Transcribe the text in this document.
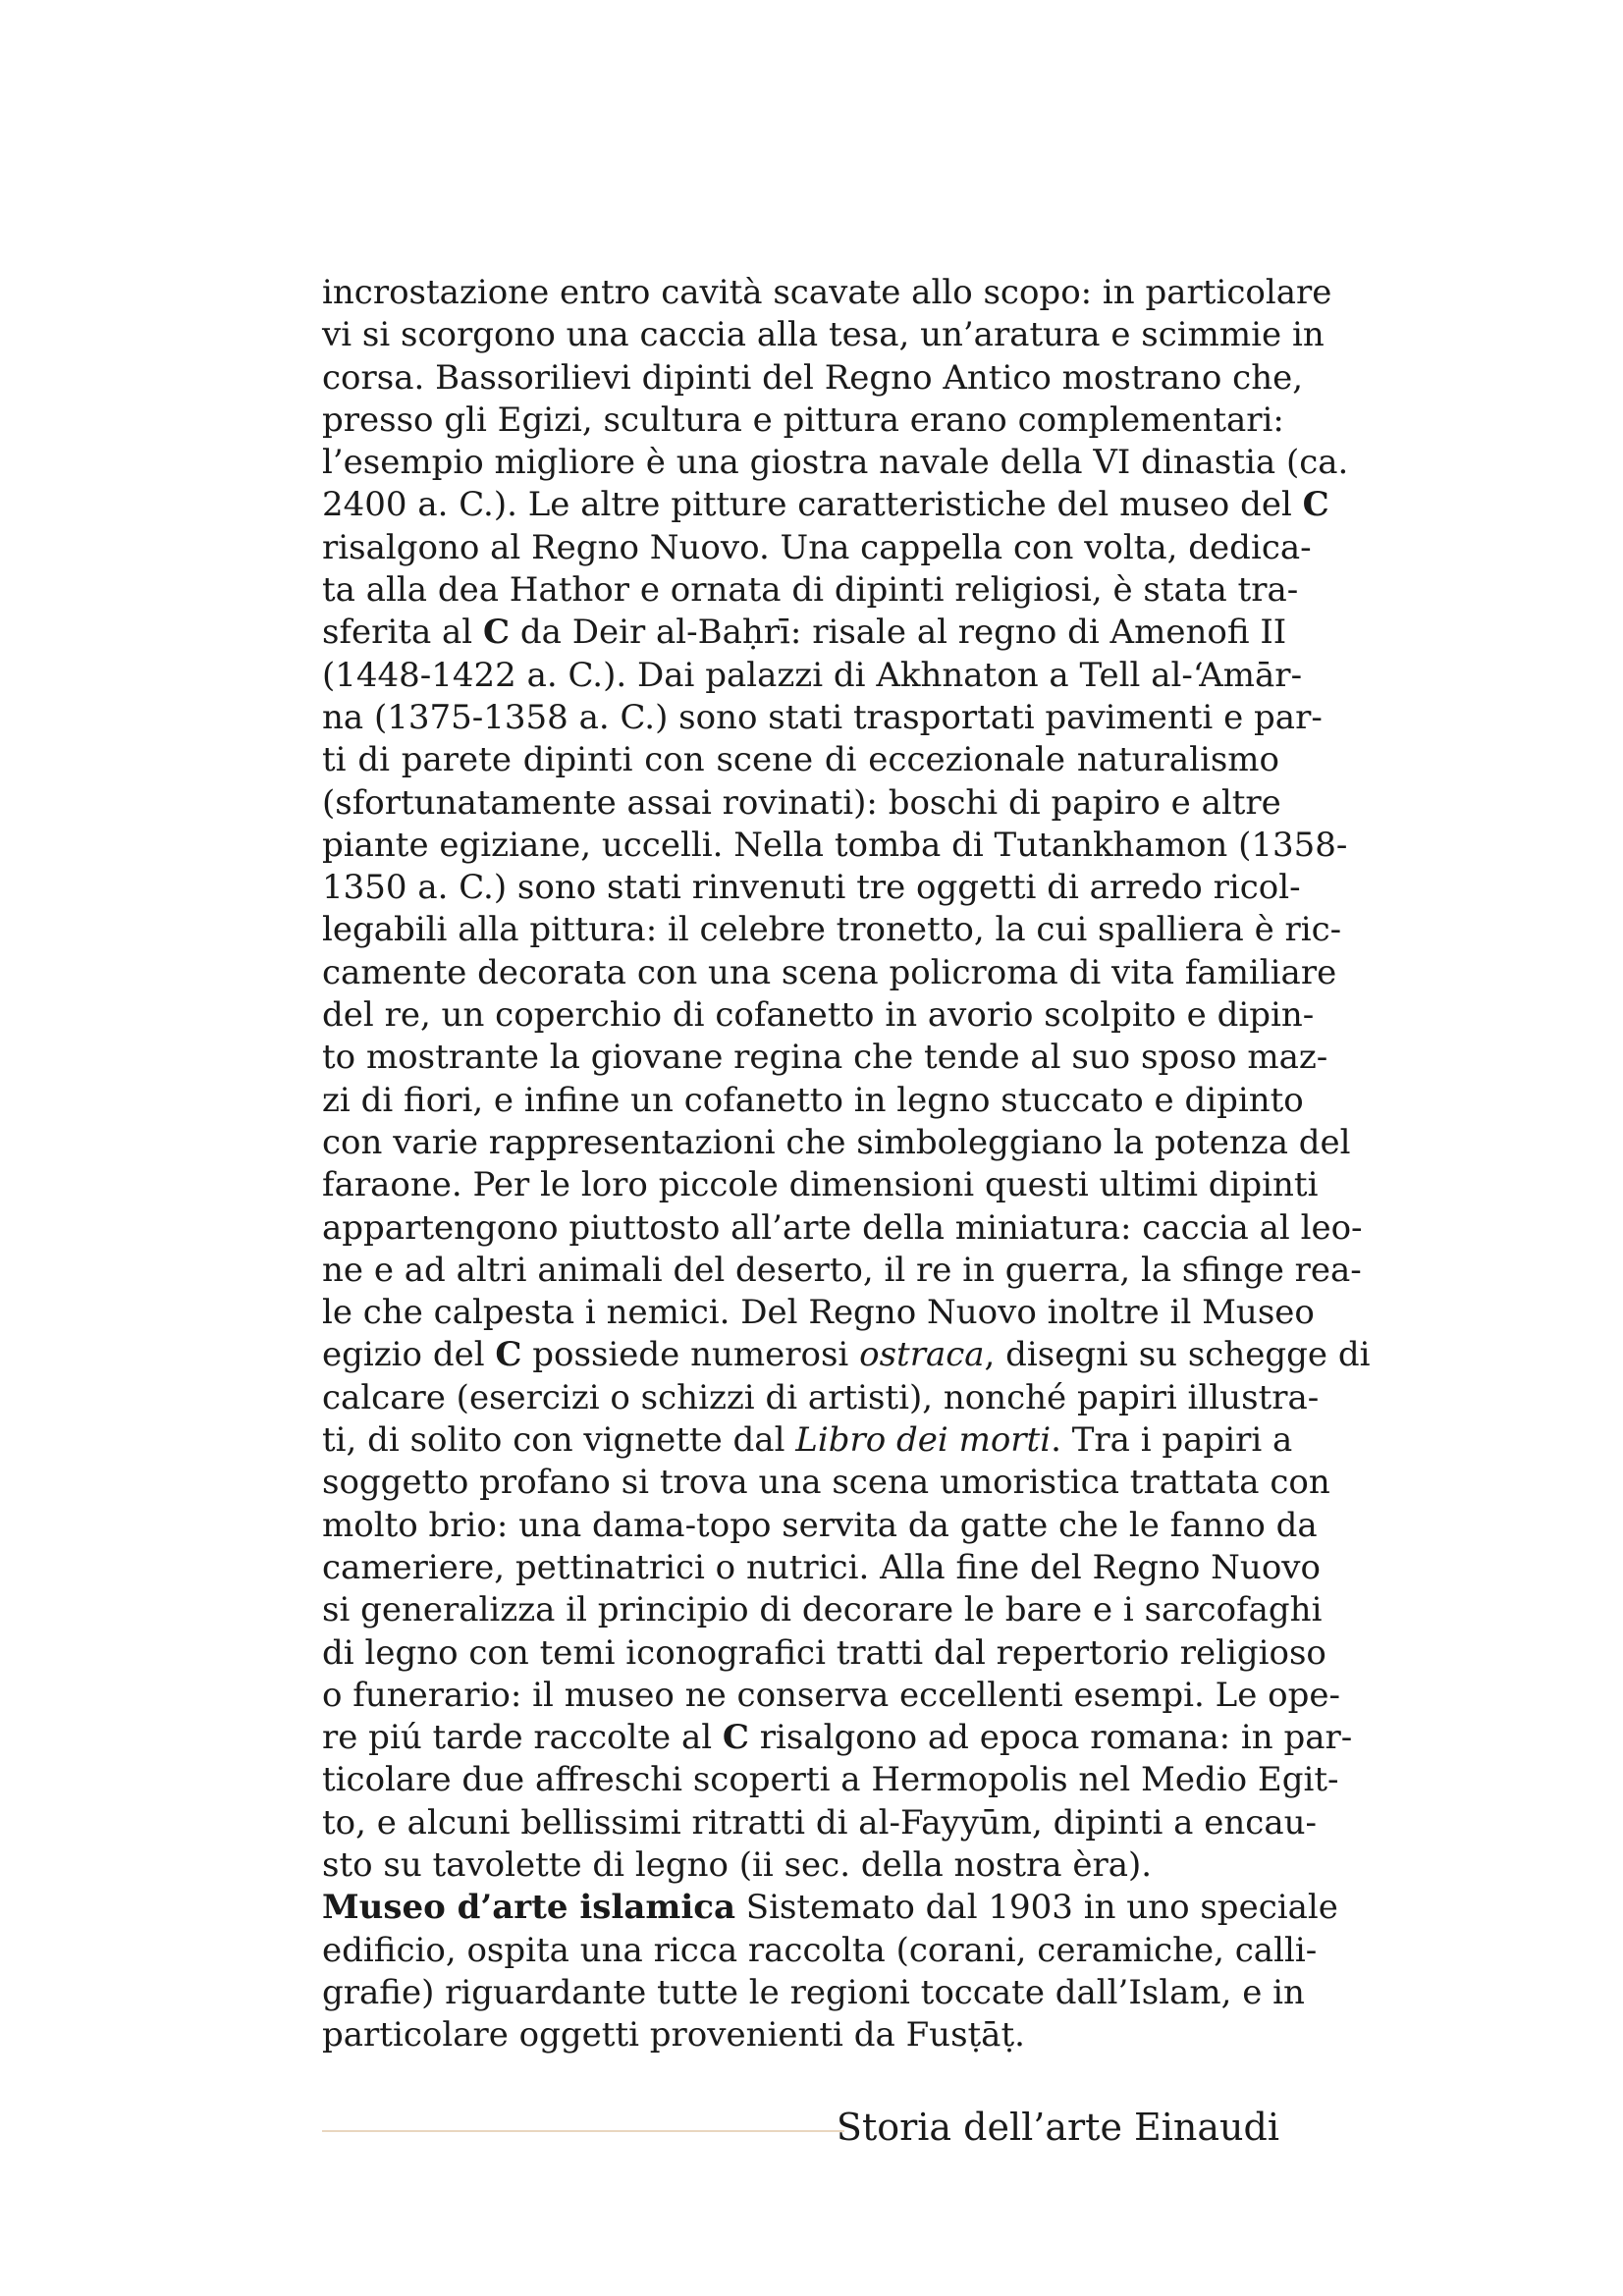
incrostazione entro cavità scavate allo scopo: in particolare
vi si scorgono una caccia alla tesa, un’aratura e scimmie in
corsa. Bassorilievi dipinti del Regno Antico mostrano che,
presso gli Egizi, scultura e pittura erano complementari:
l’esempio migliore è una giostra navale della VI dinastia (ca.
2400 a. C.). Le altre pitture caratteristiche del museo del C
risalgono al Regno Nuovo. Una cappella con volta, dedica-
ta alla dea Hathor e ornata di dipinti religiosi, è stata tra-
sferita al C da Deir al-Baḥrī: risale al regno di Amenofi II
(1448-1422 a. C.). Dai palazzi di Akhnaton a Tell al-‘Amār-
na (1375-1358 a. C.) sono stati trasportati pavimenti e par-
ti di parete dipinti con scene di eccezionale naturalismo
(sfortunatamente assai rovinati): boschi di papiro e altre
piante egiziane, uccelli. Nella tomba di Tutankhamon (1358-
1350 a. C.) sono stati rinvenuti tre oggetti di arredo ricol-
legabili alla pittura: il celebre tronetto, la cui spalliera è ric-
camente decorata con una scena policroma di vita familiare
del re, un coperchio di cofanetto in avorio scolpito e dipin-
to mostrante la giovane regina che tende al suo sposo maz-
zi di fiori, e infine un cofanetto in legno stuccato e dipinto
con varie rappresentazioni che simboleggiano la potenza del
faraone. Per le loro piccole dimensioni questi ultimi dipinti
appartengono piuttosto all’arte della miniatura: caccia al leo-
ne e ad altri animali del deserto, il re in guerra, la sfinge rea-
le che calpesta i nemici. Del Regno Nuovo inoltre il Museo
egizio del C possiede numerosi ostraca, disegni su schegge di
calcare (esercizi o schizzi di artisti), nonché papiri illustra-
ti, di solito con vignette dal Libro dei morti. Tra i papiri a
soggetto profano si trova una scena umoristica trattata con
molto brio: una dama-topo servita da gatte che le fanno da
cameriere, pettinatrici o nutrici. Alla fine del Regno Nuovo
si generalizza il principio di decorare le bare e i sarcofaghi
di legno con temi iconografici tratti dal repertorio religioso
o funerario: il museo ne conserva eccellenti esempi. Le ope-
re piú tarde raccolte al C risalgono ad epoca romana: in par-
ticolare due affreschi scoperti a Hermopolis nel Medio Egit-
to, e alcuni bellissimi ritratti di al-Fayyūm, dipinti a encau-
sto su tavolette di legno (ii sec. della nostra èra).
Museo d’arte islamica Sistemato dal 1903 in uno speciale
edificio, ospita una ricca raccolta (corani, ceramiche, calli-
grafie) riguardante tutte le regioni toccate dall’Islam, e in
particolare oggetti provenienti da Fusṭāṭ.
Storia dell’arte Einaudi
